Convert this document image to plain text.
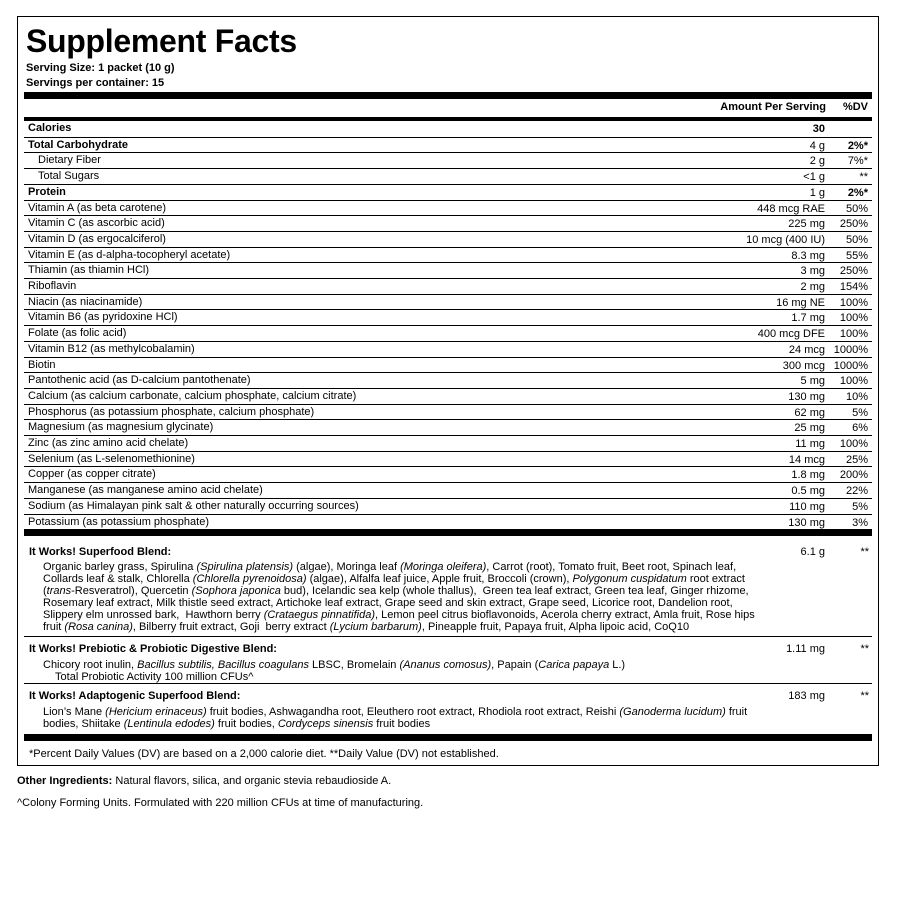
Supplement Facts
Serving Size: 1 packet (10 g)
Servings per container: 15
Amount Per Serving %DV
Calories	30
Total Carbohydrate	4 g 2%*
Dietary Fiber	2 g 7%*
Total Sugars	<1 g	**
Protein	1 g 2%*
Vitamin A (as beta carotene)	448 mcg RAE 50%
Vitamin C (as ascorbic acid)	225 mg 250%
Vitamin D (as ergocalciferol)	10 mcg (400 IU) 50%
Vitamin E (as d-alpha-tocopheryl acetate)	8.3 mg 55%
Thiamin (as thiamin HCl)	3 mg 250%
Riboflavin	2 mg 154%
Niacin (as niacinamide)	16 mg NE 100%
Vitamin B6 (as pyridoxine HCl)	1.7 mg 100%
Folate (as folic acid)	400 mcg DFE 100%
Vitamin B12 (as methylcobalamin)	24 mcg 1000%
Biotin	300 mcg 1000%
Pantothenic acid (as D-calcium pantothenate)	5 mg 100%
Calcium (as calcium carbonate, calcium phosphate, calcium citrate)	130 mg 10%
Phosphorus (as potassium phosphate, calcium phosphate)	62 mg 5%
Magnesium (as magnesium glycinate)	25 mg 6%
Zinc (as zinc amino acid chelate)	11 mg 100%
Selenium (as L-selenomethionine)	14 mcg 25%
Copper (as copper citrate)	1.8 mg 200%
Manganese (as manganese amino acid chelate)	0.5 mg 22%
Sodium (as Himalayan pink salt & other naturally occurring sources)	110 mg 5%
Potassium (as potassium phosphate)	130 mg 3%
It Works! Superfood Blend:	6.1 g	**
Organic barley grass, Spirulina (Spirulina platensis) (algae), Moringa leaf (Moringa oleifera), Carrot (root), Tomato fruit, Beet root, Spinach leaf,
Collards leaf & stalk, Chlorella (Chlorella pyrenoidosa) (algae), Alfalfa leaf juice, Apple fruit, Broccoli (crown), Polygonum cuspidatum root extract
(trans-Resveratrol), Quercetin (Sophora japonica bud), Icelandic sea kelp (whole thallus),  Green tea leaf extract, Green tea leaf, Ginger rhizome,
Rosemary leaf extract, Milk thistle seed extract, Artichoke leaf extract, Grape seed and skin extract, Grape seed, Licorice root, Dandelion root,
Slippery elm unrossed bark,  Hawthorn berry (Crataegus pinnatifida), Lemon peel citrus bioflavonoids, Acerola cherry extract, Amla fruit, Rose hips
fruit (Rosa canina), Bilberry fruit extract, Goji  berry extract (Lycium barbarum), Pineapple fruit, Papaya fruit, Alpha lipoic acid, CoQ10
It Works! Prebiotic & Probiotic Digestive Blend:	1.11 mg	**
Chicory root inulin, Bacillus subtilis, Bacillus coagulans LBSC, Bromelain (Ananus comosus), Papain (Carica papaya L.)
Total Probiotic Activity 100 million CFUs^
It Works! Adaptogenic Superfood Blend:	183 mg	**
Lion’s Mane (Hericium erinaceus) fruit bodies, Ashwagandha root, Eleuthero root extract, Rhodiola root extract, Reishi (Ganoderma lucidum) fruit
bodies, Shiitake (Lentinula edodes) fruit bodies, Cordyceps sinensis fruit bodies
*Percent Daily Values (DV) are based on a 2,000 calorie diet. **Daily Value (DV) not established.
Other Ingredients: Natural flavors, silica, and organic stevia rebaudioside A.
^Colony Forming Units. Formulated with 220 million CFUs at time of manufacturing.
